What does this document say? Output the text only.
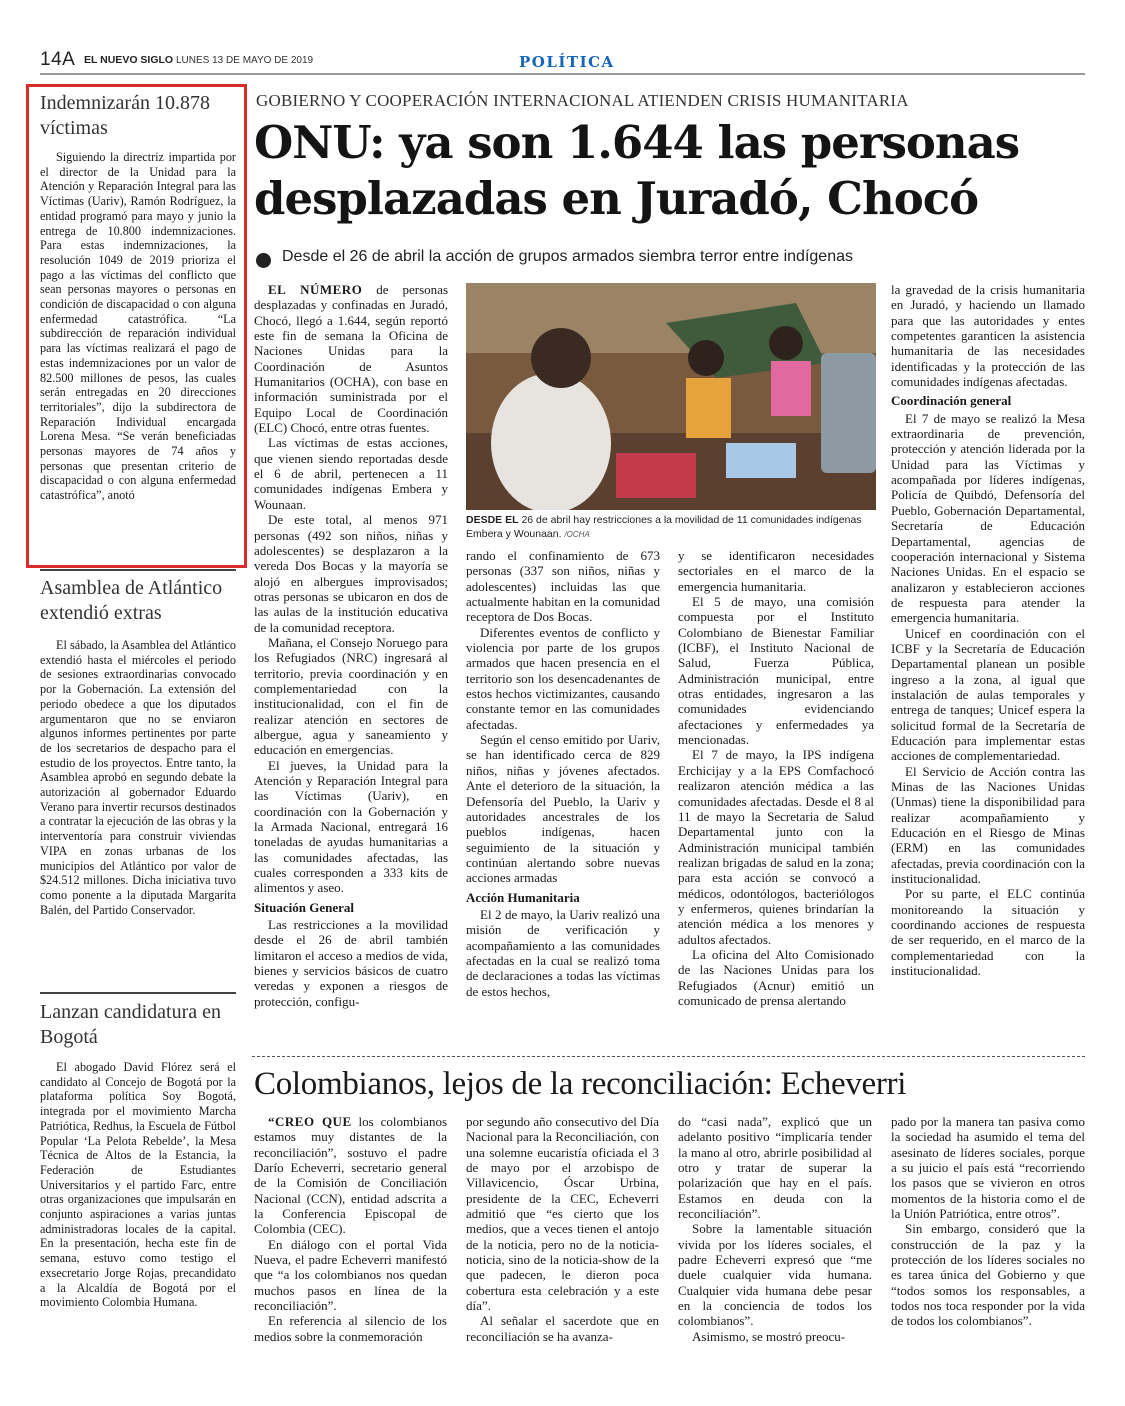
14A EL NUEVO SIGLO LUNES 13 DE MAYO DE 2019	POLÍTICA
Indemnizarán 10.878 víctimas

Siguiendo la directriz impartida por el director de la Unidad para la Atención y Reparación Integral para las Víctimas (Uariv), Ramón Rodríguez, la entidad programó para mayo y junio la entrega de 10.800 indemnizaciones. Para estas indemnizaciones, la resolución 1049 de 2019 prioriza el pago a las víctimas del conflicto que sean personas mayores o personas en condición de discapacidad o con alguna enfermedad catastrófica. “La subdirección de reparación individual para las víctimas realizará el pago de estas indemnizaciones por un valor de 82.500 millones de pesos, las cuales serán entregadas en 20 direcciones territoriales”, dijo la subdirectora de Reparación Individual encargada Lorena Mesa. “Se verán beneficiadas personas mayores de 74 años y personas que presentan criterio de discapacidad o con alguna enfermedad catastrófica”, anotó

Asamblea de Atlántico extendió extras

El sábado, la Asamblea del Atlántico extendió hasta el miércoles el periodo de sesiones extraordinarias convocado por la Gobernación. La extensión del periodo obedece a que los diputados argumentaron que no se enviaron algunos informes pertinentes por parte de los secretarios de despacho para el estudio de los proyectos. Entre tanto, la Asamblea aprobó en segundo debate la autorización al gobernador Eduardo Verano para invertir recursos destinados a contratar la ejecución de las obras y la interventoría para construir viviendas VIPA en zonas urbanas de los municipios del Atlántico por valor de $24.512 millones. Dicha iniciativa tuvo como ponente a la diputada Margarita Balén, del Partido Conservador.

Lanzan candidatura en Bogotá

El abogado David Flórez será el candidato al Concejo de Bogotá por la plataforma política Soy Bogotá, integrada por el movimiento Marcha Patriótica, Redhus, la Escuela de Fútbol Popular ‘La Pelota Rebelde’, la Mesa Técnica de Altos de la Estancia, la Federación de Estudiantes Universitarios y el partido Farc, entre otras organizaciones que impulsarán en conjunto aspiraciones a varias juntas administradoras locales de la capital. En la presentación, hecha este fin de semana, estuvo como testigo el exsecretario Jorge Rojas, precandidato a la Alcaldía de Bogotá por el movimiento Colombia Humana.

GOBIERNO Y COOPERACIÓN INTERNACIONAL ATIENDEN CRISIS HUMANITARIA
ONU: ya son 1.644 las personas desplazadas en Juradó, Chocó
Desde el 26 de abril la acción de grupos armados siembra terror entre indígenas

EL NÚMERO de personas desplazadas y confinadas en Juradó, Chocó, llegó a 1.644, según reportó este fin de semana la Oficina de Naciones Unidas para la Coordinación de Asuntos Humanitarios (OCHA), con base en información suministrada por el Equipo Local de Coordinación (ELC) Chocó, entre otras fuentes.

Las víctimas de estas acciones, que vienen siendo reportadas desde el 6 de abril, pertenecen a 11 comunidades indígenas Embera y Wounaan.

De este total, al menos 971 personas (492 son niños, niñas y adolescentes) se desplazaron a la vereda Dos Bocas y la mayoría se alojó en albergues improvisados; otras personas se ubicaron en dos de las aulas de la institución educativa de la comunidad receptora.

Mañana, el Consejo Noruego para los Refugiados (NRC) ingresará al territorio, previa coordinación y en complementariedad con la institucionalidad, con el fin de realizar atención en sectores de albergue, agua y saneamiento y educación en emergencias.

El jueves, la Unidad para la Atención y Reparación Integral para las Víctimas (Uariv), en coordinación con la Gobernación y la Armada Nacional, entregará 16 toneladas de ayudas humanitarias a las comunidades afectadas, las cuales corresponden a 333 kits de alimentos y aseo.

Situación General

Las restricciones a la movilidad desde el 26 de abril también limitaron el acceso a medios de vida, bienes y servicios básicos de cuatro veredas y exponen a riesgos de protección, configu-

DESDE EL 26 de abril hay restricciones a la movilidad de 11 comunidades indígenas Embera y Wounaan. /OCHA

rando el confinamiento de 673 personas (337 son niños, niñas y adolescentes) incluidas las que actualmente habitan en la comunidad receptora de Dos Bocas.

Diferentes eventos de conflicto y violencia por parte de los grupos armados que hacen presencia en el territorio son los desencadenantes de estos hechos victimizantes, causando constante temor en las comunidades afectadas.

Según el censo emitido por Uariv, se han identificado cerca de 829 niños, niñas y jóvenes afectados. Ante el deterioro de la situación, la Defensoría del Pueblo, la Uariv y autoridades ancestrales de los pueblos indígenas, hacen seguimiento de la situación y continúan alertando sobre nuevas acciones armadas

Acción Humanitaria

El 2 de mayo, la Uariv realizó una misión de verificación y acompañamiento a las comunidades afectadas en la cual se realizó toma de declaraciones a todas las víctimas de estos hechos,

y se identificaron necesidades sectoriales en el marco de la emergencia humanitaria.

El 5 de mayo, una comisión compuesta por el Instituto Colombiano de Bienestar Familiar (ICBF), el Instituto Nacional de Salud, Fuerza Pública, Administración municipal, entre otras entidades, ingresaron a las comunidades evidenciando afectaciones y enfermedades ya mencionadas.

El 7 de mayo, la IPS indígena Erchicijay y a la EPS Comfachocó realizaron atención médica a las comunidades afectadas. Desde el 8 al 11 de mayo la Secretaria de Salud Departamental junto con la Administración municipal también realizan brigadas de salud en la zona; para esta acción se convocó a médicos, odontólogos, bacteriólogos y enfermeros, quienes brindarían la atención médica a los menores y adultos afectados.

La oficina del Alto Comisionado de las Naciones Unidas para los Refugiados (Acnur) emitió un comunicado de prensa alertando

la gravedad de la crisis humanitaria en Juradó, y haciendo un llamado para que las autoridades y entes competentes garanticen la asistencia humanitaria de las necesidades identificadas y la protección de las comunidades indígenas afectadas.

Coordinación general

El 7 de mayo se realizó la Mesa extraordinaria de prevención, protección y atención liderada por la Unidad para las Víctimas y acompañada por líderes indígenas, Policía de Quibdó, Defensoría del Pueblo, Gobernación Departamental, Secretaría de Educación Departamental, agencias de cooperación internacional y Sistema Naciones Unidas. En el espacio se analizaron y establecieron acciones de respuesta para atender la emergencia humanitaria.

Unicef en coordinación con el ICBF y la Secretaría de Educación Departamental planean un posible ingreso a la zona, al igual que instalación de aulas temporales y entrega de tanques; Unicef espera la solicitud formal de la Secretaría de Educación para implementar estas acciones de complementariedad.

El Servicio de Acción contra las Minas de las Naciones Unidas (Unmas) tiene la disponibilidad para realizar acompañamiento y Educación en el Riesgo de Minas (ERM) en las comunidades afectadas, previa coordinación con la institucionalidad.

Por su parte, el ELC continúa monitoreando la situación y coordinando acciones de respuesta de ser requerido, en el marco de la complementariedad con la institucionalidad.

Colombianos, lejos de la reconciliación: Echeverri

“CREO QUE los colombianos estamos muy distantes de la reconciliación”, sostuvo el padre Darío Echeverri, secretario general de la Comisión de Conciliación Nacional (CCN), entidad adscrita a la Conferencia Episcopal de Colombia (CEC).

En diálogo con el portal Vida Nueva, el padre Echeverri manifestó que “a los colombianos nos quedan muchos pasos en línea de la reconciliación”.

En referencia al silencio de los medios sobre la conmemoración

por segundo año consecutivo del Día Nacional para la Reconciliación, con una solemne eucaristía oficiada el 3 de mayo por el arzobispo de Villavicencio, Óscar Urbina, presidente de la CEC, Echeverri admitió que “es cierto que los medios, que a veces tienen el antojo de la noticia, pero no de la noticia-noticia, sino de la noticia-show de la que padecen, le dieron poca cobertura esta celebración y a este día”.

Al señalar el sacerdote que en reconciliación se ha avanza-

do “casi nada”, explicó que un adelanto positivo “implicaría tender la mano al otro, abrirle posibilidad al otro y tratar de superar la polarización que hay en el país. Estamos en deuda con la reconciliación”.

Sobre la lamentable situación vivida por los líderes sociales, el padre Echeverri expresó que “me duele cualquier vida humana. Cualquier vida humana debe pesar en la conciencia de todos los colombianos”.

Asimismo, se mostró preocu-

pado por la manera tan pasiva como la sociedad ha asumido el tema del asesinato de líderes sociales, porque a su juicio el país está “recorriendo los pasos que se vivieron en otros momentos de la historia como el de la Unión Patriótica, entre otros”.

Sin embargo, consideró que la construcción de la paz y la protección de los líderes sociales no es tarea única del Gobierno y que “todos somos los responsables, a todos nos toca responder por la vida de todos los colombianos”.
